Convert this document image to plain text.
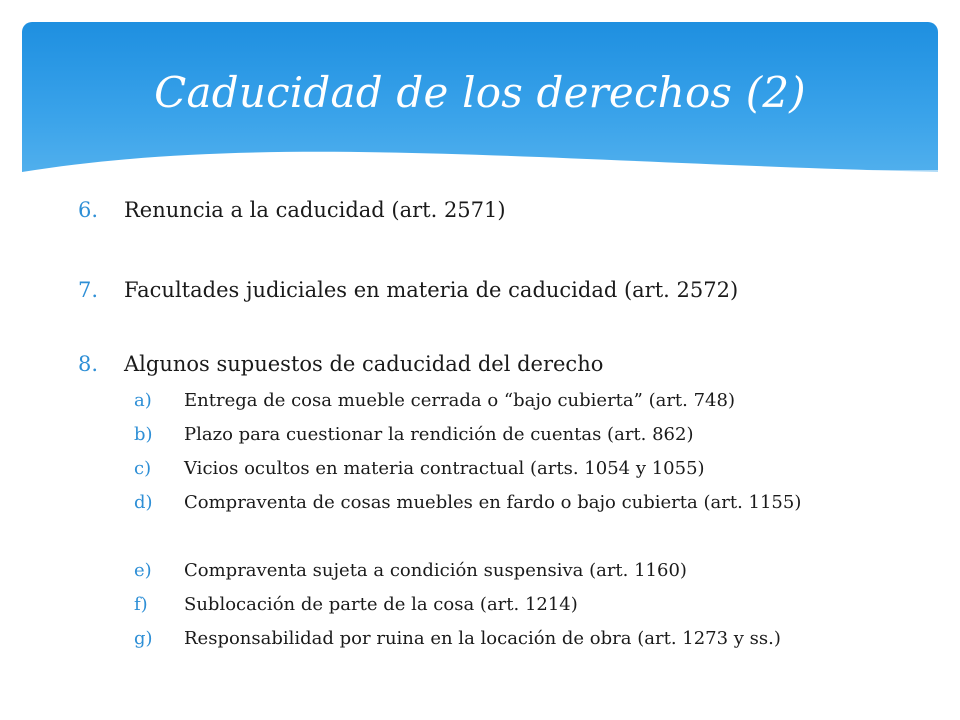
Caducidad de los derechos (2)
6.	Renuncia a la caducidad (art. 2571)
7.	Facultades judiciales en materia de caducidad (art. 2572)
8.	Algunos supuestos de caducidad del derecho
a)	Entrega de cosa mueble cerrada o “bajo cubierta” (art. 748)
b)	Plazo para cuestionar la rendición de cuentas (art. 862)
c)	Vicios ocultos en materia contractual (arts. 1054 y 1055)
d)	Compraventa de cosas muebles en fardo o bajo cubierta (art. 1155)
e)	Compraventa sujeta a condición suspensiva (art. 1160)
f)	Sublocación de parte de la cosa (art. 1214)
g)	Responsabilidad por ruina en la locación de obra (art. 1273 y ss.)
